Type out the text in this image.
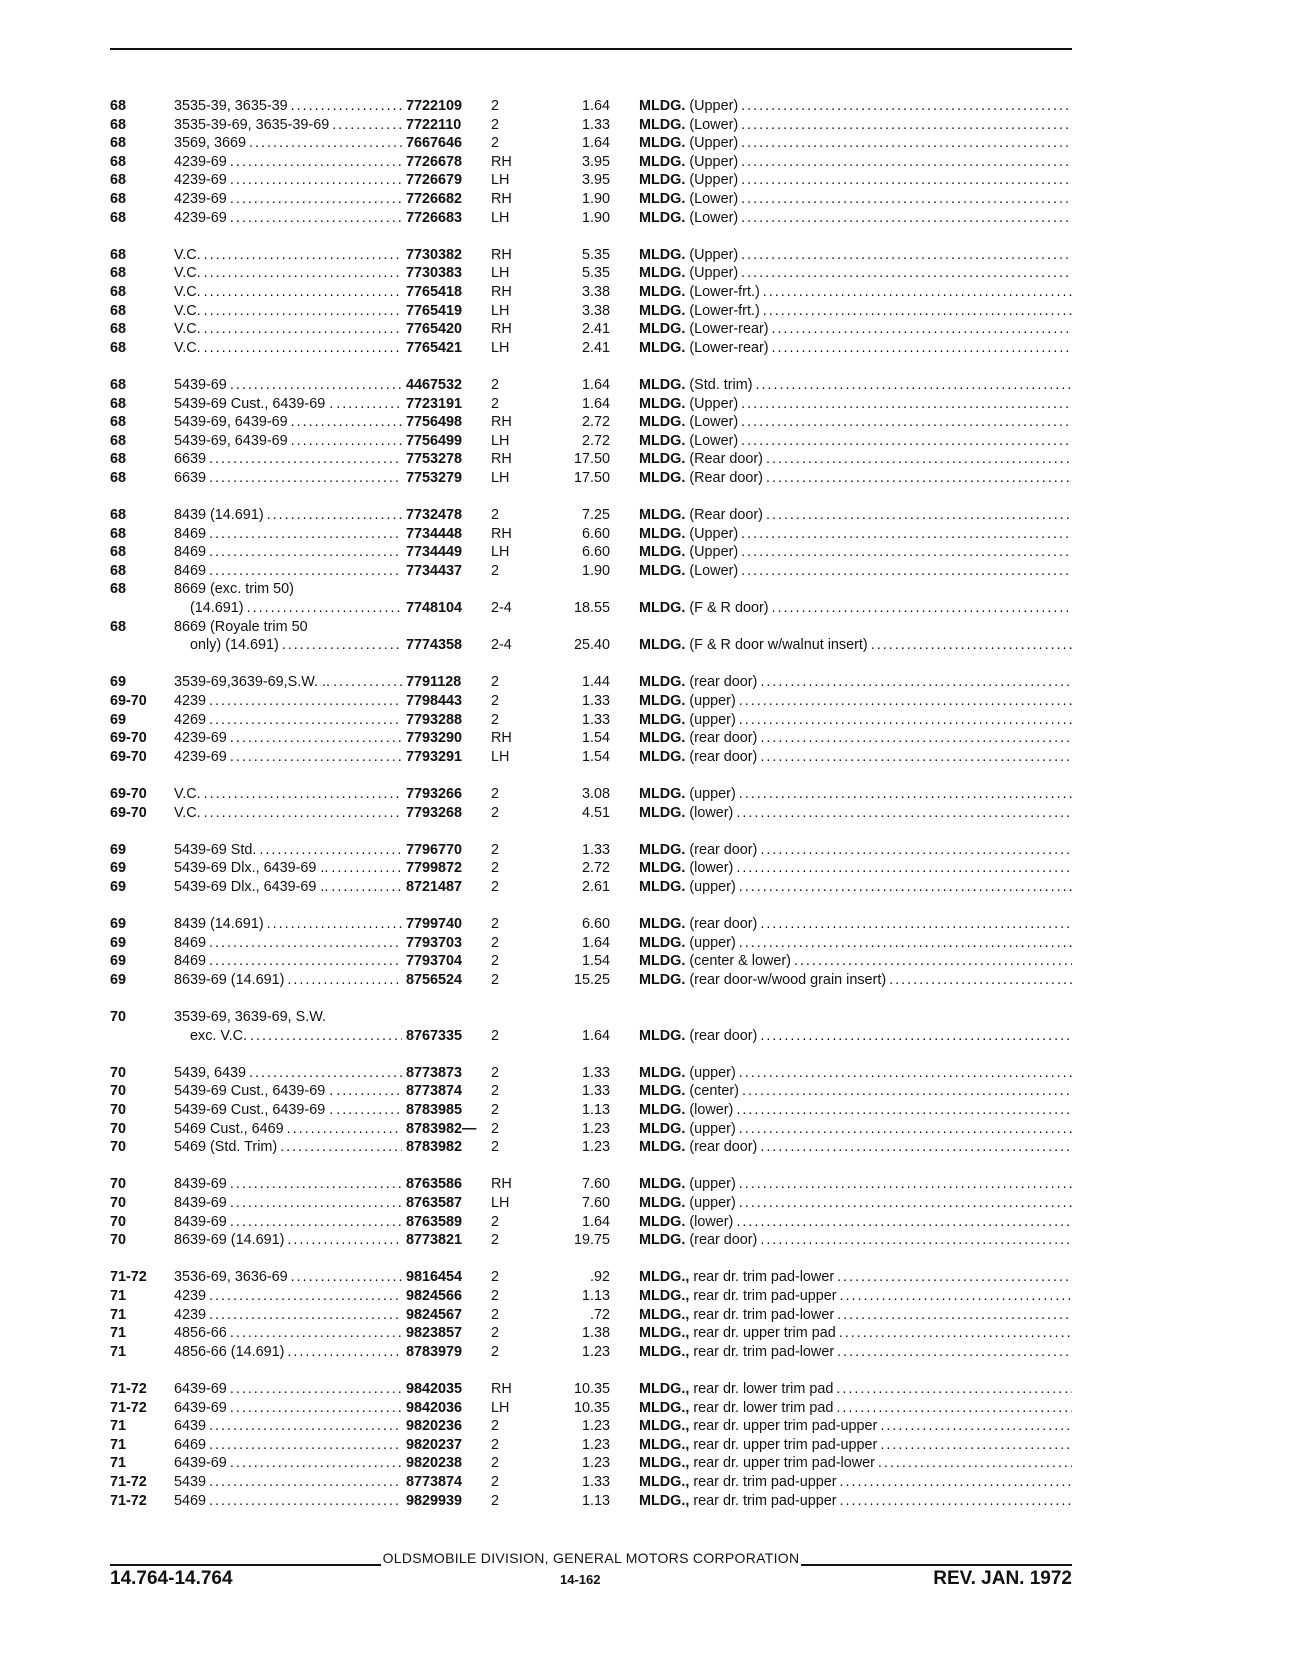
68	3535-39, 3635-39 . . .	7722109 2	1.64 MLDG. (Upper) . . .
68	3535-39-69, 3635-39-69 . . .	7722110 2	1.33 MLDG. (Lower) . . .
68	3569, 3669 . . .	7667646 2	1.64 MLDG. (Upper) . . .
68	4239-69 . . .	7726678 RH	3.95 MLDG. (Upper) . . .
68	4239-69 . . .	7726679 LH	3.95 MLDG. (Upper) . . .
68	4239-69 . . .	7726682 RH	1.90 MLDG. (Lower) . . .
68	4239-69 . . .	7726683 LH	1.90 MLDG. (Lower) . . .
68	V.C. . . .	7730382 RH	5.35 MLDG. (Upper) . . .
68	V.C. . . .	7730383 LH	5.35 MLDG. (Upper) . . .
68	V.C. . . .	7765418 RH	3.38 MLDG. (Lower-frt.) . . .
68	V.C. . . .	7765419 LH	3.38 MLDG. (Lower-frt.) . . .
68	V.C. . . .	7765420 RH	2.41 MLDG. (Lower-rear) . . .
68	V.C. . . .	7765421 LH	2.41 MLDG. (Lower-rear) . . .
68	5439-69 . . .	4467532 2	1.64 MLDG. (Std. trim) . . .
68	5439-69 Cust., 6439-69 . . . .	7723191 2	1.64 MLDG. (Upper) . . .
68	5439-69, 6439-69 . . .	7756498 RH	2.72 MLDG. (Lower) . . .
68	5439-69, 6439-69 . . .	7756499 LH	2.72 MLDG. (Lower) . . .
68	6639 . . .	7753278 RH	17.50 MLDG. (Rear door) . . .
68	6639 . . .	7753279 LH	17.50 MLDG. (Rear door) . . .
68	8439 (14.691) . . .	7732478 2	7.25 MLDG. (Rear door) . . .
68	8469 . . .	7734448 RH	6.60 MLDG. (Upper) . . .
68	8469 . . .	7734449 LH	6.60 MLDG. (Upper) . . .
68	8469 . . .	7734437 2	1.90 MLDG. (Lower) . . .
68	8669 (exc. trim 50)
(14.691) . . .	7748104 2-4	18.55 MLDG. (F & R door) . . .
68	8669 (Royale trim 50
only) (14.691) . . .	7774358 2-4	25.40 MLDG. (F & R door w/walnut insert) . . .
69	3539-69,3639-69,S.W. .. . . .	7791128 2	1.44 MLDG. (rear door) . . .
69-70 4239 . . .	7798443 2	1.33 MLDG. (upper) . . .
69	4269 . . .	7793288 2	1.33 MLDG. (upper) . . .
69-70 4239-69 . . .	7793290 RH	1.54 MLDG. (rear door) . . .
69-70 4239-69 . . .	7793291 LH	1.54 MLDG. (rear door) . . .
69-70 V.C. . . .	7793266 2	3.08 MLDG. (upper) . . .
69-70 V.C. . . .	7793268 2	4.51 MLDG. (lower) . . .
69	5439-69 Std. . . .	7796770 2	1.33 MLDG. (rear door) . . .
69	5439-69 Dlx., 6439-69 .. . . .	7799872 2	2.72 MLDG. (lower) . . .
69	5439-69 Dlx., 6439-69 .. . . .	8721487 2	2.61 MLDG. (upper) . . .
69	8439 (14.691) . . .	7799740 2	6.60 MLDG. (rear door) . . .
69	8469 . . .	7793703 2	1.64 MLDG. (upper) . . .
69	8469 . . .	7793704 2	1.54 MLDG. (center & lower) . . .
69	8639-69 (14.691) . . .	8756524 2	15.25 MLDG. (rear door-w/wood grain insert) . . .
70	3539-69, 3639-69, S.W.
exc. V.C. . . .	8767335 2	1.64 MLDG. (rear door) . . .
70	5439, 6439 . . .	8773873 2	1.33 MLDG. (upper) . . .
70	5439-69 Cust., 6439-69 . . . .	8773874 2	1.33 MLDG. (center) . . .
70	5439-69 Cust., 6439-69 . . . .	8783985 2	1.13 MLDG. (lower) . . .
70	5469 Cust., 6469 . . .	8783982— 2	1.23 MLDG. (upper) . . .
70	5469 (Std. Trim) . . .	8783982 2	1.23 MLDG. (rear door) . . .
70	8439-69 . . .	8763586 RH	7.60 MLDG. (upper) . . .
70	8439-69 . . .	8763587 LH	7.60 MLDG. (upper) . . .
70	8439-69 . . .	8763589 2	1.64 MLDG. (lower) . . .
70	8639-69 (14.691) . . .	8773821 2	19.75 MLDG. (rear door) . . .
71-72 3536-69, 3636-69 . . .	9816454 2	.92 MLDG., rear dr. trim pad-lower . . .
71	4239 . . .	9824566 2	1.13 MLDG., rear dr. trim pad-upper . . .
71	4239 . . .	9824567 2	.72 MLDG., rear dr. trim pad-lower . . .
71	4856-66 . . .	9823857 2	1.38 MLDG., rear dr. upper trim pad . . .
71	4856-66 (14.691) . . .	8783979 2	1.23 MLDG., rear dr. trim pad-lower . . .
71-72 6439-69 . . .	9842035 RH	10.35 MLDG., rear dr. lower trim pad . . .
71-72 6439-69 . . .	9842036 LH	10.35 MLDG., rear dr. lower trim pad . . .
71	6439 . . .	9820236 2	1.23 MLDG., rear dr. upper trim pad-upper . . .
71	6469 . . .	9820237 2	1.23 MLDG., rear dr. upper trim pad-upper . . .
71	6439-69 . . .	9820238 2	1.23 MLDG., rear dr. upper trim pad-lower . . .
71-72 5439 . . .	8773874 2	1.33 MLDG., rear dr. trim pad-upper . . .
71-72 5469 . . .	9829939 2	1.13 MLDG., rear dr. trim pad-upper . . .
OLDSMOBILE DIVISION, GENERAL MOTORS CORPORATION
14.764-14.764	14-162	REV. JAN. 1972
